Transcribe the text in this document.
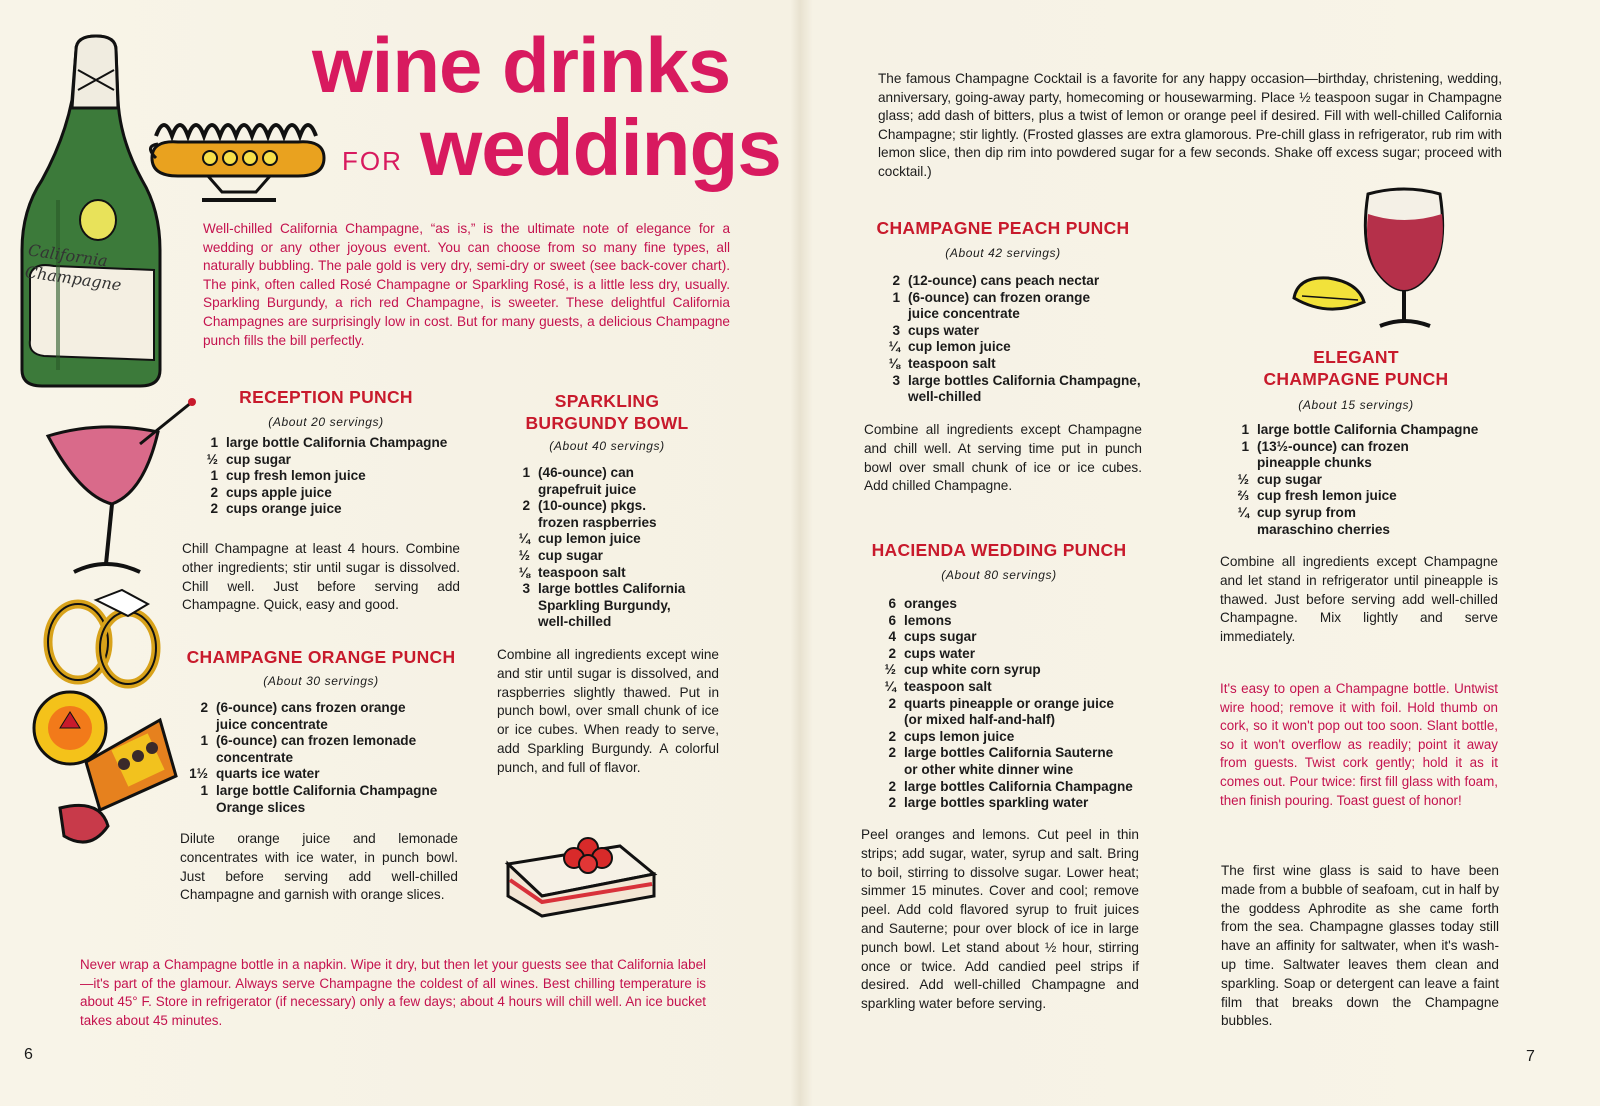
California Champagne
wine drinks
FOR weddings
Well-chilled California Champagne, “as is,” is the ultimate note of elegance for a wedding or any other joyous event. You can choose from so many fine types, all naturally bubbling. The pale gold is very dry, semi-dry or sweet (see back-cover chart). The pink, often called Rosé Champagne or Sparkling Rosé, is a little less dry, usually. Sparkling Burgundy, a rich red Champagne, is sweeter. These delightful California Champagnes are surprisingly low in cost. But for many guests, a delicious Champagne punch fills the bill perfectly.
RECEPTION PUNCH
(About 20 servings)
1 large bottle California Champagne
½ cup sugar
1 cup fresh lemon juice
2 cups apple juice
2 cups orange juice
Chill Champagne at least 4 hours. Combine other ingredients; stir until sugar is dissolved. Chill well. Just before serving add Champagne. Quick, easy and good.
SPARKLING
BURGUNDY BOWL
(About 40 servings)
1 (46-ounce) can
grapefruit juice
2 (10-ounce) pkgs.
frozen raspberries
¼ cup lemon juice
½ cup sugar
⅛ teaspoon salt
3 large bottles California
Sparkling Burgundy,
well-chilled
Combine all ingredients except wine and stir until sugar is dissolved, and raspberries slightly thawed. Put in punch bowl, over small chunk of ice or ice cubes. When ready to serve, add Sparkling Burgundy. A colorful punch, and full of flavor.
CHAMPAGNE ORANGE PUNCH
(About 30 servings)
2 (6-ounce) cans frozen orange
juice concentrate
1 (6-ounce) can frozen lemonade
concentrate
1½ quarts ice water
1 large bottle California Champagne
Orange slices
Dilute orange juice and lemonade concentrates with ice water, in punch bowl. Just before serving add well-chilled Champagne and garnish with orange slices.
Never wrap a Champagne bottle in a napkin. Wipe it dry, but then let your guests see that California label—it's part of the glamour. Always serve Champagne the coldest of all wines. Best chilling temperature is about 45° F. Store in refrigerator (if necessary) only a few days; about 4 hours will chill well. An ice bucket takes about 45 minutes.
6
The famous Champagne Cocktail is a favorite for any happy occasion—birthday, christening, wedding, anniversary, going-away party, homecoming or housewarming. Place ½ teaspoon sugar in Champagne glass; add dash of bitters, plus a twist of lemon or orange peel if desired. Fill with well-chilled California Champagne; stir lightly. (Frosted glasses are extra glamorous. Pre-chill glass in refrigerator, rub rim with lemon slice, then dip rim into powdered sugar for a few seconds. Shake off excess sugar; proceed with cocktail.)
CHAMPAGNE PEACH PUNCH
(About 42 servings)
2 (12-ounce) cans peach nectar
1 (6-ounce) can frozen orange
juice concentrate
3 cups water
¼ cup lemon juice
⅛ teaspoon salt
3 large bottles California Champagne,
well-chilled
Combine all ingredients except Champagne and chill well. At serving time put in punch bowl over small chunk of ice or ice cubes. Add chilled Champagne.
HACIENDA WEDDING PUNCH
(About 80 servings)
6 oranges
6 lemons
4 cups sugar
2 cups water
½ cup white corn syrup
¼ teaspoon salt
2 quarts pineapple or orange juice
(or mixed half-and-half)
2 cups lemon juice
2 large bottles California Sauterne
or other white dinner wine
2 large bottles California Champagne
2 large bottles sparkling water
Peel oranges and lemons. Cut peel in thin strips; add sugar, water, syrup and salt. Bring to boil, stirring to dissolve sugar. Lower heat; simmer 15 minutes. Cover and cool; remove peel. Add cold flavored syrup to fruit juices and Sauterne; pour over block of ice in large punch bowl. Let stand about ½ hour, stirring once or twice. Add candied peel strips if desired. Add well-chilled Champagne and sparkling water before serving.
ELEGANT
CHAMPAGNE PUNCH
(About 15 servings)
1 large bottle California Champagne
1 (13½-ounce) can frozen
pineapple chunks
½ cup sugar
⅔ cup fresh lemon juice
¼ cup syrup from
maraschino cherries
Combine all ingredients except Champagne and let stand in refrigerator until pineapple is thawed. Just before serving add well-chilled Champagne. Mix lightly and serve immediately.
It's easy to open a Champagne bottle. Untwist wire hood; remove it with foil. Hold thumb on cork, so it won't pop out too soon. Slant bottle, so it won't overflow as readily; point it away from guests. Twist cork gently; hold it as it comes out. Pour twice: first fill glass with foam, then finish pouring. Toast guest of honor!
The first wine glass is said to have been made from a bubble of seafoam, cut in half by the goddess Aphrodite as she came forth from the sea. Champagne glasses today still have an affinity for saltwater, when it's wash-up time. Saltwater leaves them clean and sparkling. Soap or detergent can leave a faint film that breaks down the Champagne bubbles.
7
